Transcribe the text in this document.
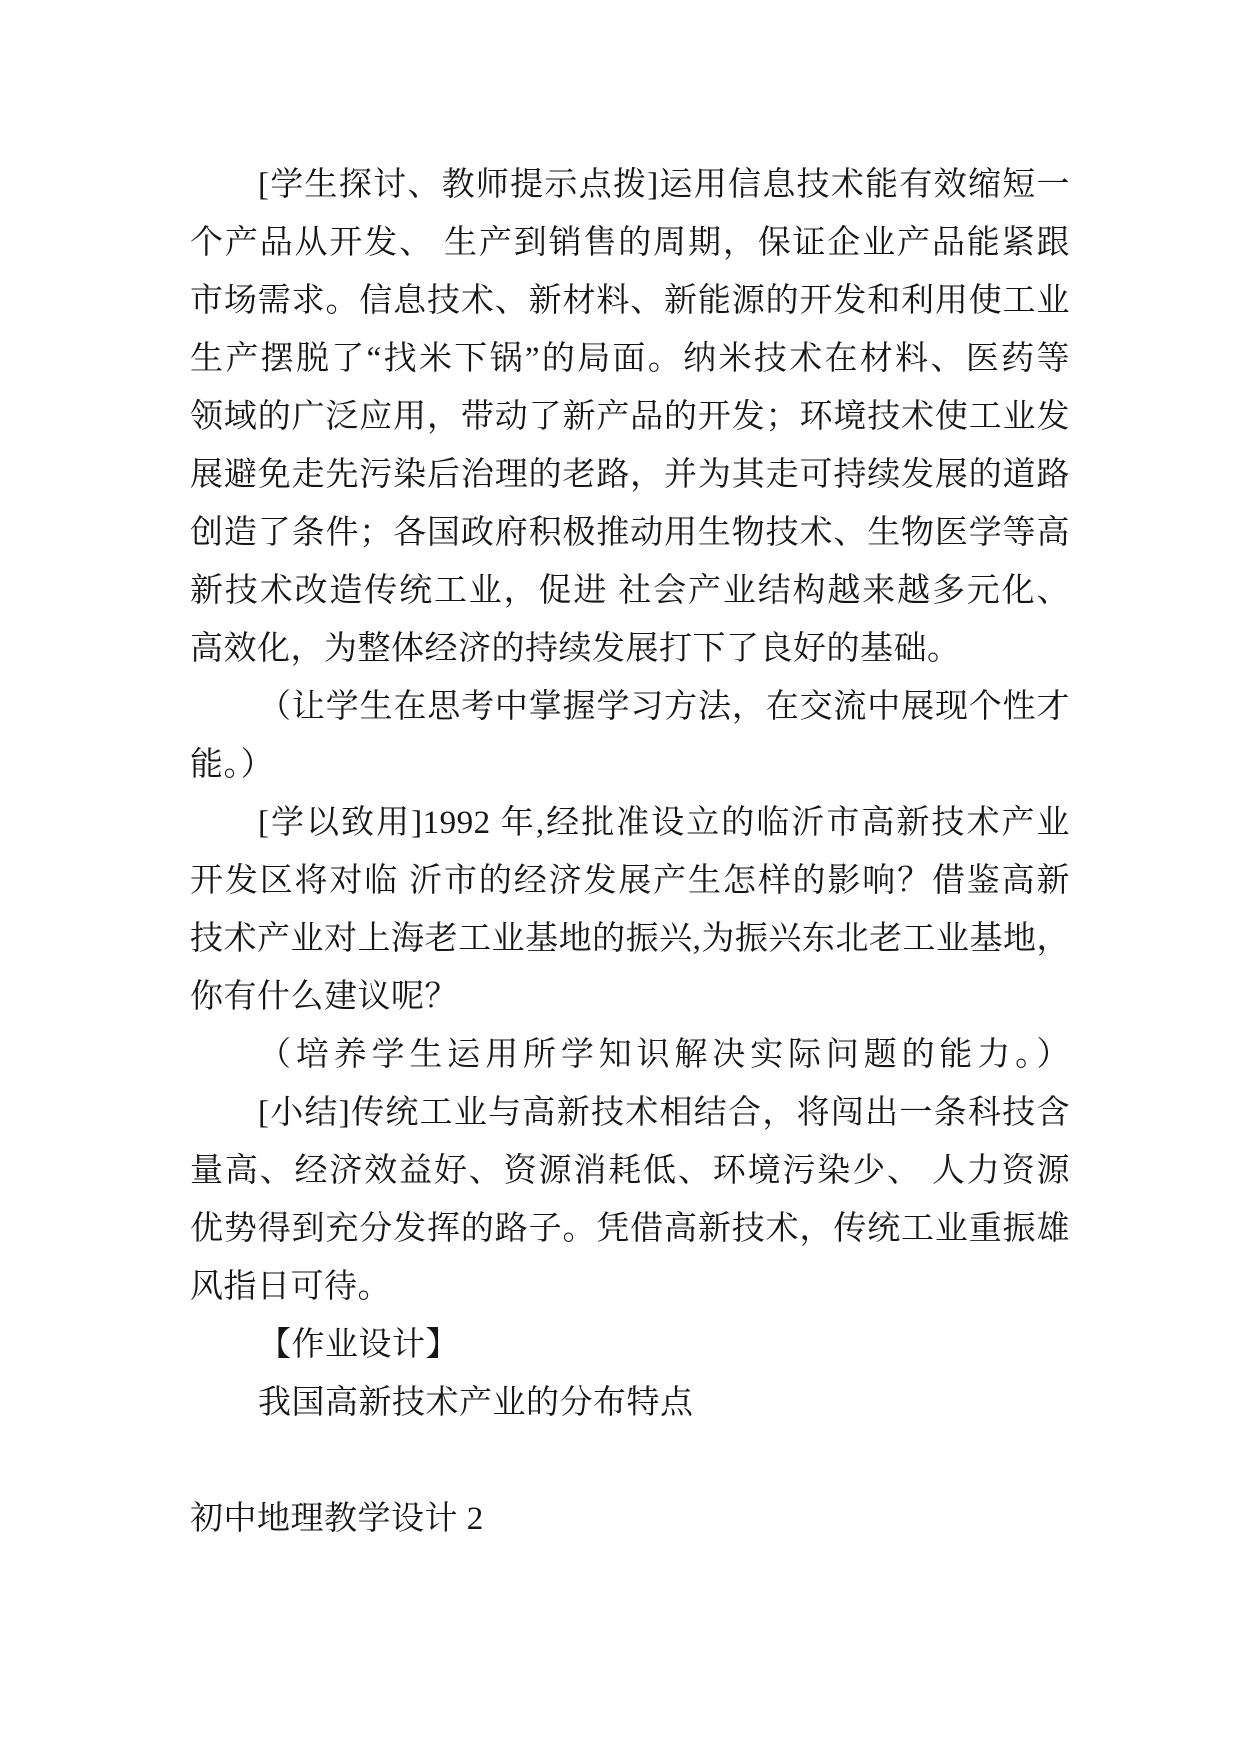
[学生探讨、教师提示点拨]运用信息技术能有效缩短一
个产品从开发、 生产到销售的周期，保证企业产品能紧跟
市场需求。信息技术、新材料、新能源的开发和利用使工业
生产摆脱了“找米下锅”的局面。纳米技术在材料、医药等
领域的广泛应用，带动了新产品的开发；环境技术使工业发
展避免走先污染后治理的老路，并为其走可持续发展的道路
创造了条件；各国政府积极推动用生物技术、生物医学等高
新技术改造传统工业，促进 社会产业结构越来越多元化、
高效化，为整体经济的持续发展打下了良好的基础。
（让学生在思考中掌握学习方法，在交流中展现个性才
能。）
[学以致用]1992 年,经批准设立的临沂市高新技术产业
开发区将对临 沂市的经济发展产生怎样的影响？借鉴高新
技术产业对上海老工业基地的振兴,为振兴东北老工业基地，
你有什么建议呢？
（培养学生运用所学知识解决实际问题的能力。）
[小结]传统工业与高新技术相结合，将闯出一条科技含
量高、经济效益好、资源消耗低、环境污染少、 人力资源
优势得到充分发挥的路子。凭借高新技术，传统工业重振雄
风指日可待。
【作业设计】
我国高新技术产业的分布特点
初中地理教学设计 2
